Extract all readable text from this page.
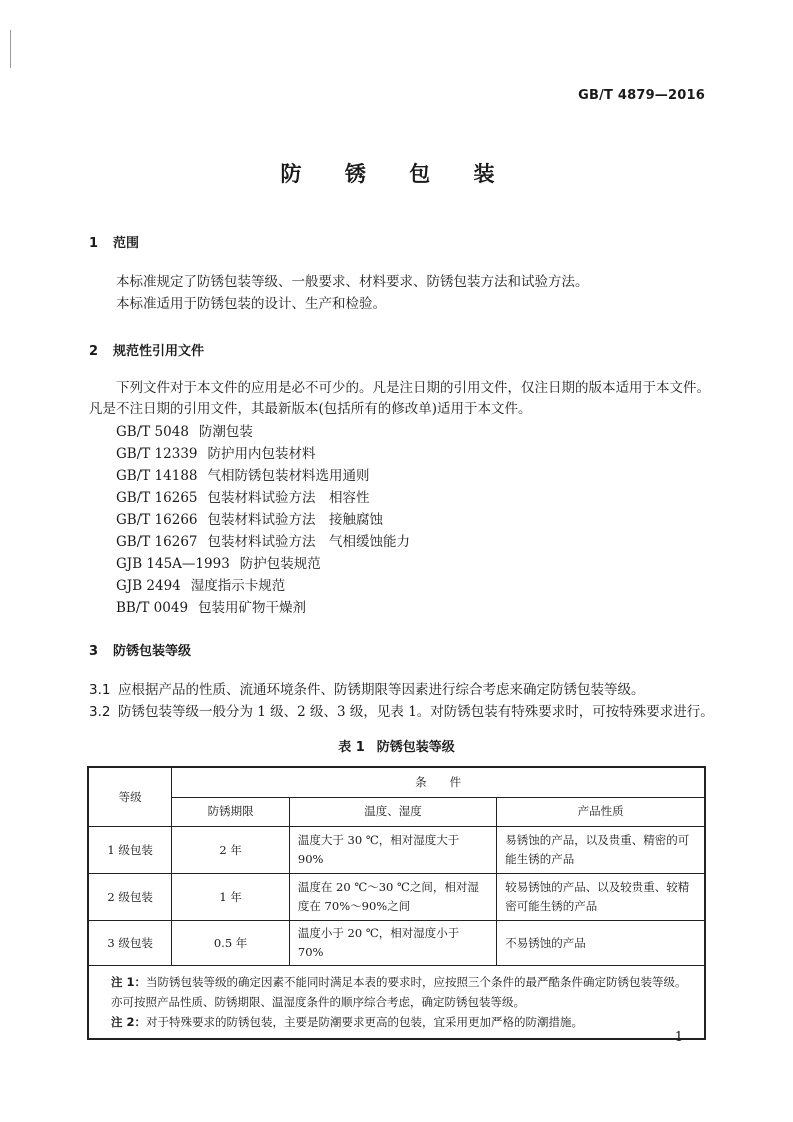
GB/T 4879—2016
防 锈 包 装
1 范围
本标准规定了防锈包装等级、一般要求、材料要求、防锈包装方法和试验方法。
本标准适用于防锈包装的设计、生产和检验。
2 规范性引用文件
下列文件对于本文件的应用是必不可少的。凡是注日期的引用文件，仅注日期的版本适用于本文件。凡是不注日期的引用文件，其最新版本(包括所有的修改单)适用于本文件。
GB/T 5048 防潮包装
GB/T 12339 防护用内包装材料
GB/T 14188 气相防锈包装材料选用通则
GB/T 16265 包装材料试验方法　相容性
GB/T 16266 包装材料试验方法　接触腐蚀
GB/T 16267 包装材料试验方法　气相缓蚀能力
GJB 145A—1993 防护包装规范
GJB 2494 湿度指示卡规范
BB/T 0049 包装用矿物干燥剂
3 防锈包装等级
3.1 应根据产品的性质、流通环境条件、防锈期限等因素进行综合考虑来确定防锈包装等级。
3.2 防锈包装等级一般分为 1 级、2 级、3 级，见表 1。对防锈包装有特殊要求时，可按特殊要求进行。
表 1 防锈包装等级
等级	条　　件		
	防锈期限	温度、湿度	产品性质
1 级包装	2 年	温度大于 30 ℃，相对湿度大于 90%	易锈蚀的产品，以及贵重、精密的可能生锈的产品
2 级包装	1 年	温度在 20 ℃～30 ℃之间，相对湿度在 70%～90%之间	较易锈蚀的产品、以及较贵重、较精密可能生锈的产品
3 级包装	0.5 年	温度小于 20 ℃，相对湿度小于 70%	不易锈蚀的产品

注 1：当防锈包装等级的确定因素不能同时满足本表的要求时，应按照三个条件的最严酷条件确定防锈包装等级。亦可按照产品性质、防锈期限、温湿度条件的顺序综合考虑，确定防锈包装等级。
注 2：对于特殊要求的防锈包装，主要是防潮要求更高的包装，宜采用更加严格的防潮措施。			
1
